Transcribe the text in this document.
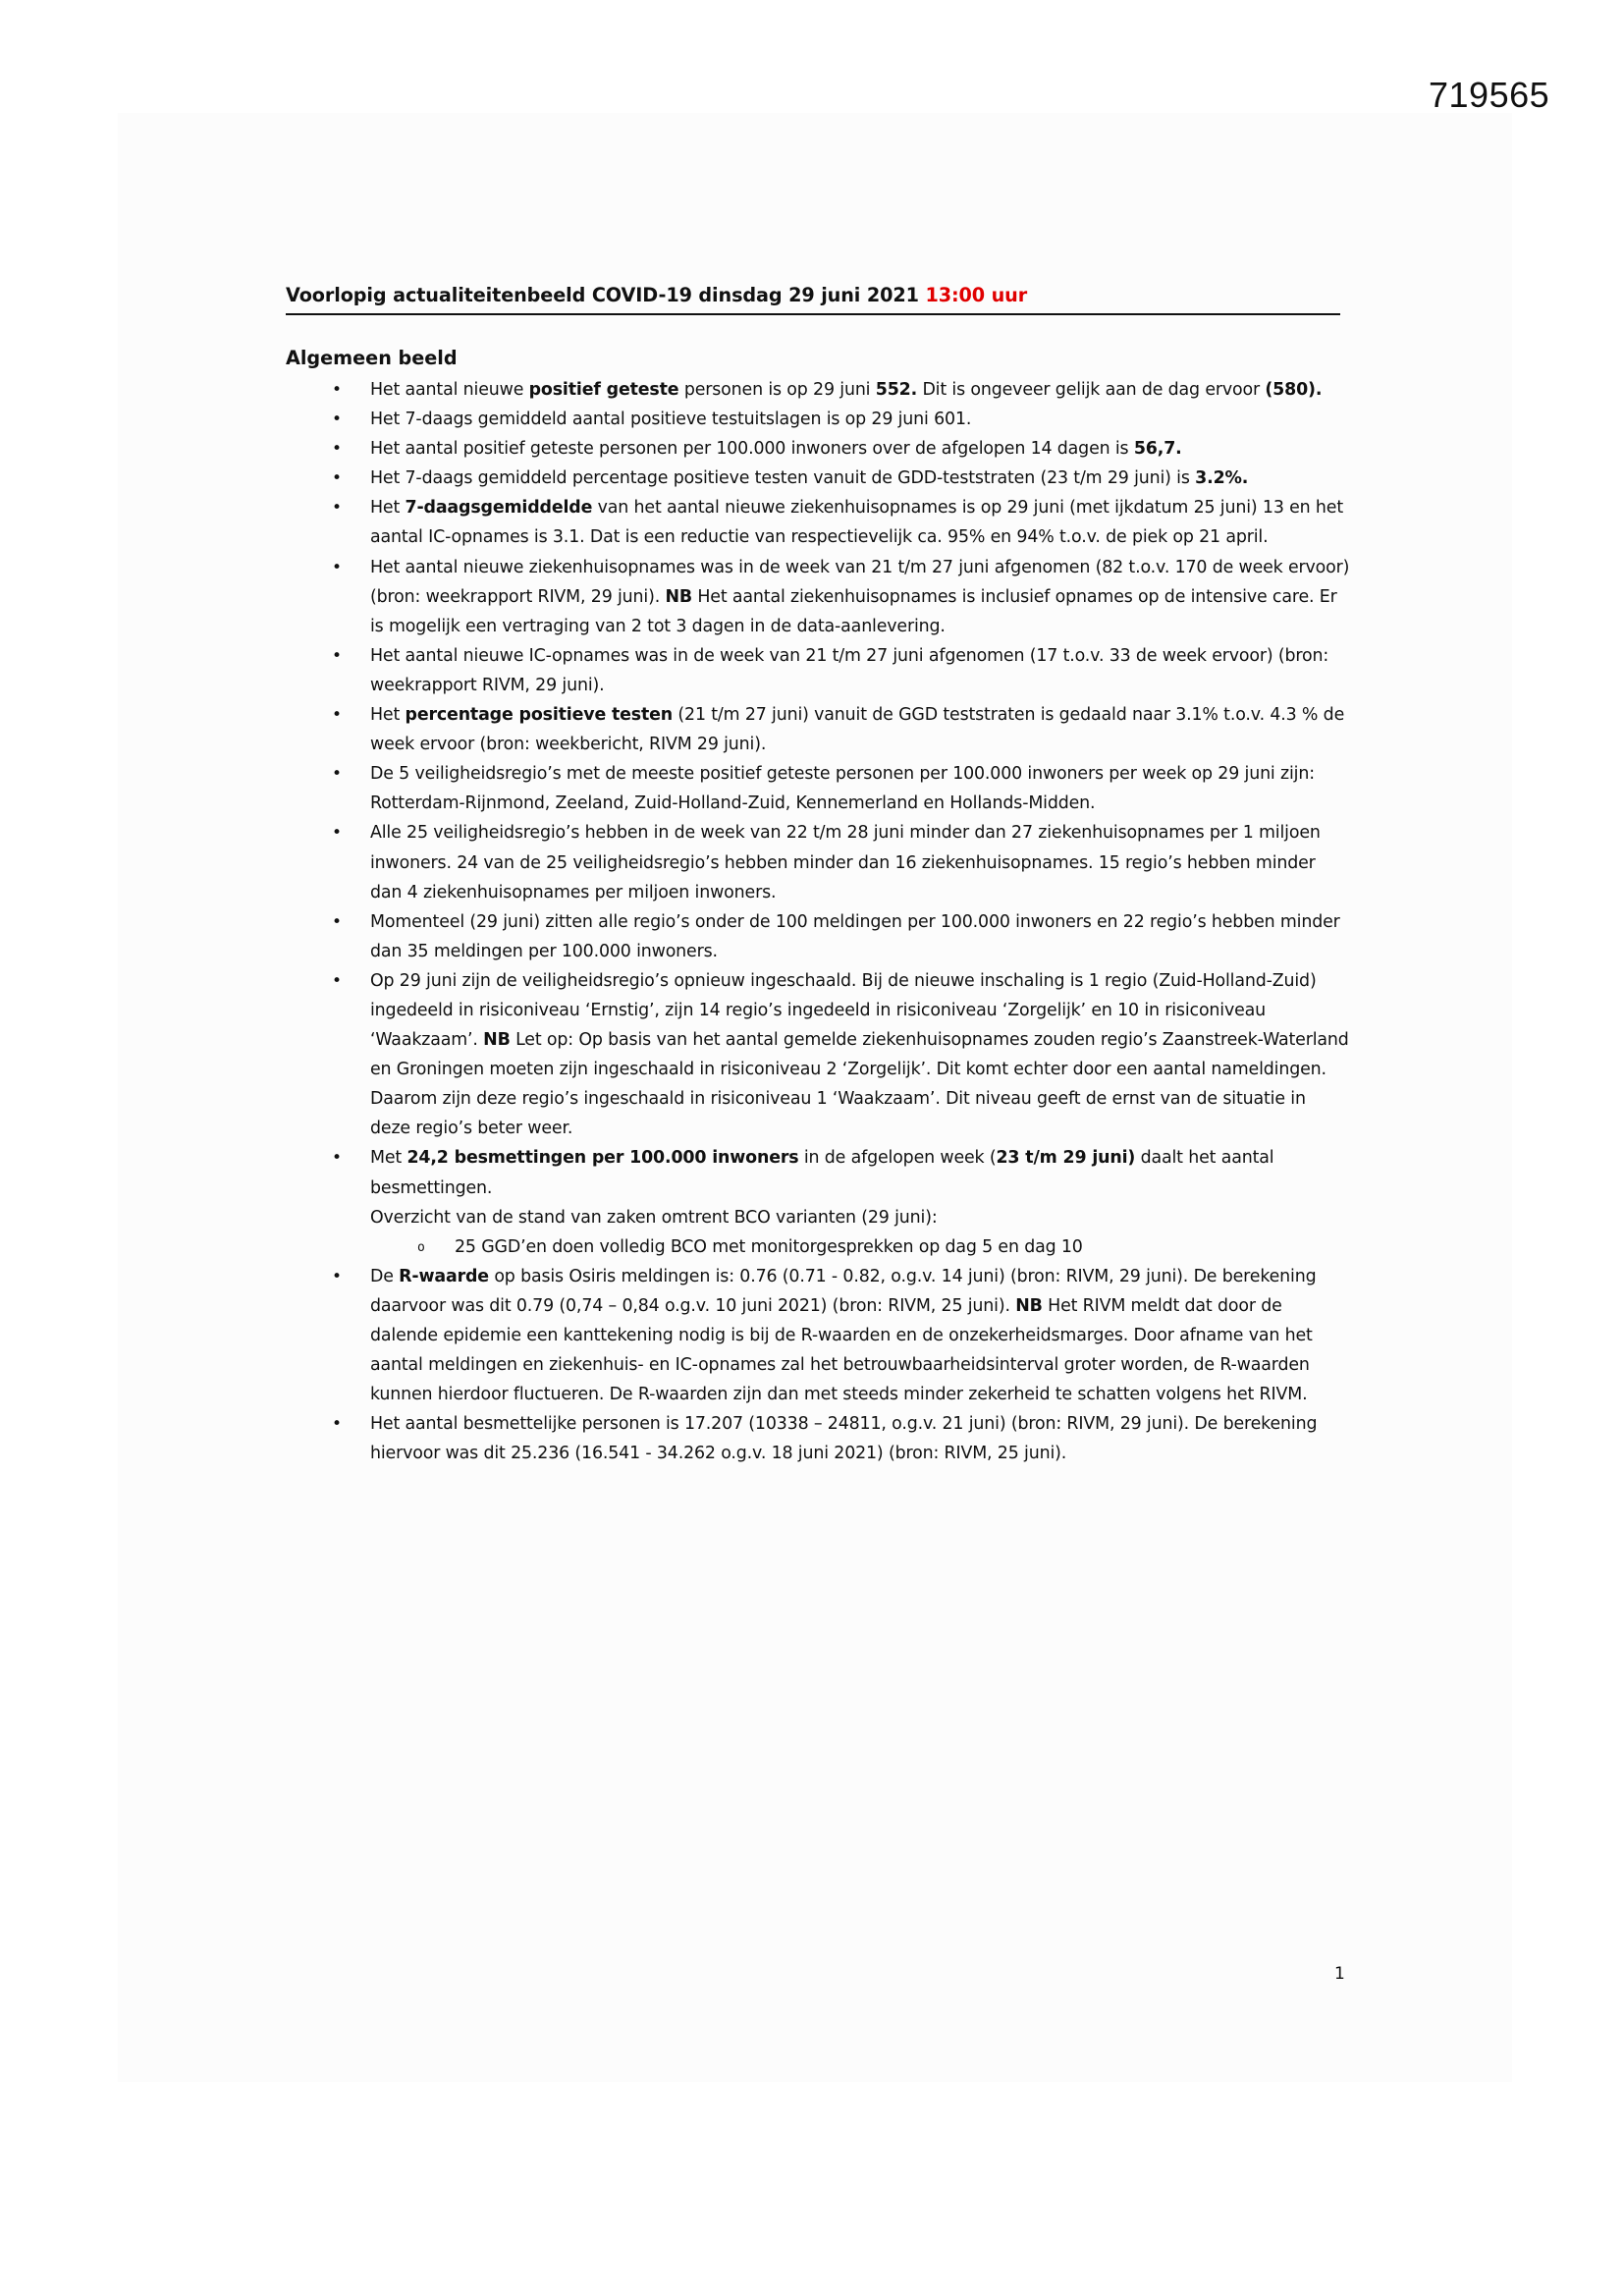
719565
Voorlopig actualiteitenbeeld COVID-19 dinsdag 29 juni 2021 13:00 uur
Algemeen beeld
• Het aantal nieuwe positief geteste personen is op 29 juni 552. Dit is ongeveer gelijk aan de dag ervoor (580).
• Het 7-daags gemiddeld aantal positieve testuitslagen is op 29 juni 601.
• Het aantal positief geteste personen per 100.000 inwoners over de afgelopen 14 dagen is 56,7.
• Het 7-daags gemiddeld percentage positieve testen vanuit de GDD-teststraten (23 t/m 29 juni) is 3.2%.
• Het 7-daagsgemiddelde van het aantal nieuwe ziekenhuisopnames is op 29 juni (met ijkdatum 25 juni) 13 en het aantal IC-opnames is 3.1. Dat is een reductie van respectievelijk ca. 95% en 94% t.o.v. de piek op 21 april.
• Het aantal nieuwe ziekenhuisopnames was in de week van 21 t/m 27 juni afgenomen (82 t.o.v. 170 de week ervoor) (bron: weekrapport RIVM, 29 juni). NB Het aantal ziekenhuisopnames is inclusief opnames op de intensive care. Er is mogelijk een vertraging van 2 tot 3 dagen in de data-aanlevering.
• Het aantal nieuwe IC-opnames was in de week van 21 t/m 27 juni afgenomen (17 t.o.v. 33 de week ervoor) (bron: weekrapport RIVM, 29 juni).
• Het percentage positieve testen (21 t/m 27 juni) vanuit de GGD teststraten is gedaald naar 3.1% t.o.v. 4.3 % de week ervoor (bron: weekbericht, RIVM 29 juni).
• De 5 veiligheidsregio’s met de meeste positief geteste personen per 100.000 inwoners per week op 29 juni zijn: Rotterdam-Rijnmond, Zeeland, Zuid-Holland-Zuid, Kennemerland en Hollands-Midden.
• Alle 25 veiligheidsregio’s hebben in de week van 22 t/m 28 juni minder dan 27 ziekenhuisopnames per 1 miljoen inwoners. 24 van de 25 veiligheidsregio’s hebben minder dan 16 ziekenhuisopnames. 15 regio’s hebben minder dan 4 ziekenhuisopnames per miljoen inwoners.
• Momenteel (29 juni) zitten alle regio’s onder de 100 meldingen per 100.000 inwoners en 22 regio’s hebben minder dan 35 meldingen per 100.000 inwoners.
• Op 29 juni zijn de veiligheidsregio’s opnieuw ingeschaald. Bij de nieuwe inschaling is 1 regio (Zuid-Holland-Zuid) ingedeeld in risiconiveau ‘Ernstig’, zijn 14 regio’s ingedeeld in risiconiveau ‘Zorgelijk’ en 10 in risiconiveau ‘Waakzaam’. NB Let op: Op basis van het aantal gemelde ziekenhuisopnames zouden regio’s Zaanstreek-Waterland en Groningen moeten zijn ingeschaald in risiconiveau 2 ‘Zorgelijk’. Dit komt echter door een aantal nameldingen. Daarom zijn deze regio’s ingeschaald in risiconiveau 1 ‘Waakzaam’. Dit niveau geeft de ernst van de situatie in deze regio’s beter weer.
• Met 24,2 besmettingen per 100.000 inwoners in de afgelopen week (23 t/m 29 juni) daalt het aantal besmettingen.
Overzicht van de stand van zaken omtrent BCO varianten (29 juni):
o 25 GGD’en doen volledig BCO met monitorgesprekken op dag 5 en dag 10
• De R-waarde op basis Osiris meldingen is: 0.76 (0.71 - 0.82, o.g.v. 14 juni) (bron: RIVM, 29 juni). De berekening daarvoor was dit 0.79 (0,74 – 0,84 o.g.v. 10 juni 2021) (bron: RIVM, 25 juni). NB Het RIVM meldt dat door de dalende epidemie een kanttekening nodig is bij de R-waarden en de onzekerheidsmarges. Door afname van het aantal meldingen en ziekenhuis- en IC-opnames zal het betrouwbaarheidsinterval groter worden, de R-waarden kunnen hierdoor fluctueren. De R-waarden zijn dan met steeds minder zekerheid te schatten volgens het RIVM.
• Het aantal besmettelijke personen is 17.207 (10338 – 24811, o.g.v. 21 juni) (bron: RIVM, 29 juni). De berekening hiervoor was dit 25.236 (16.541 - 34.262 o.g.v. 18 juni 2021) (bron: RIVM, 25 juni).
1
